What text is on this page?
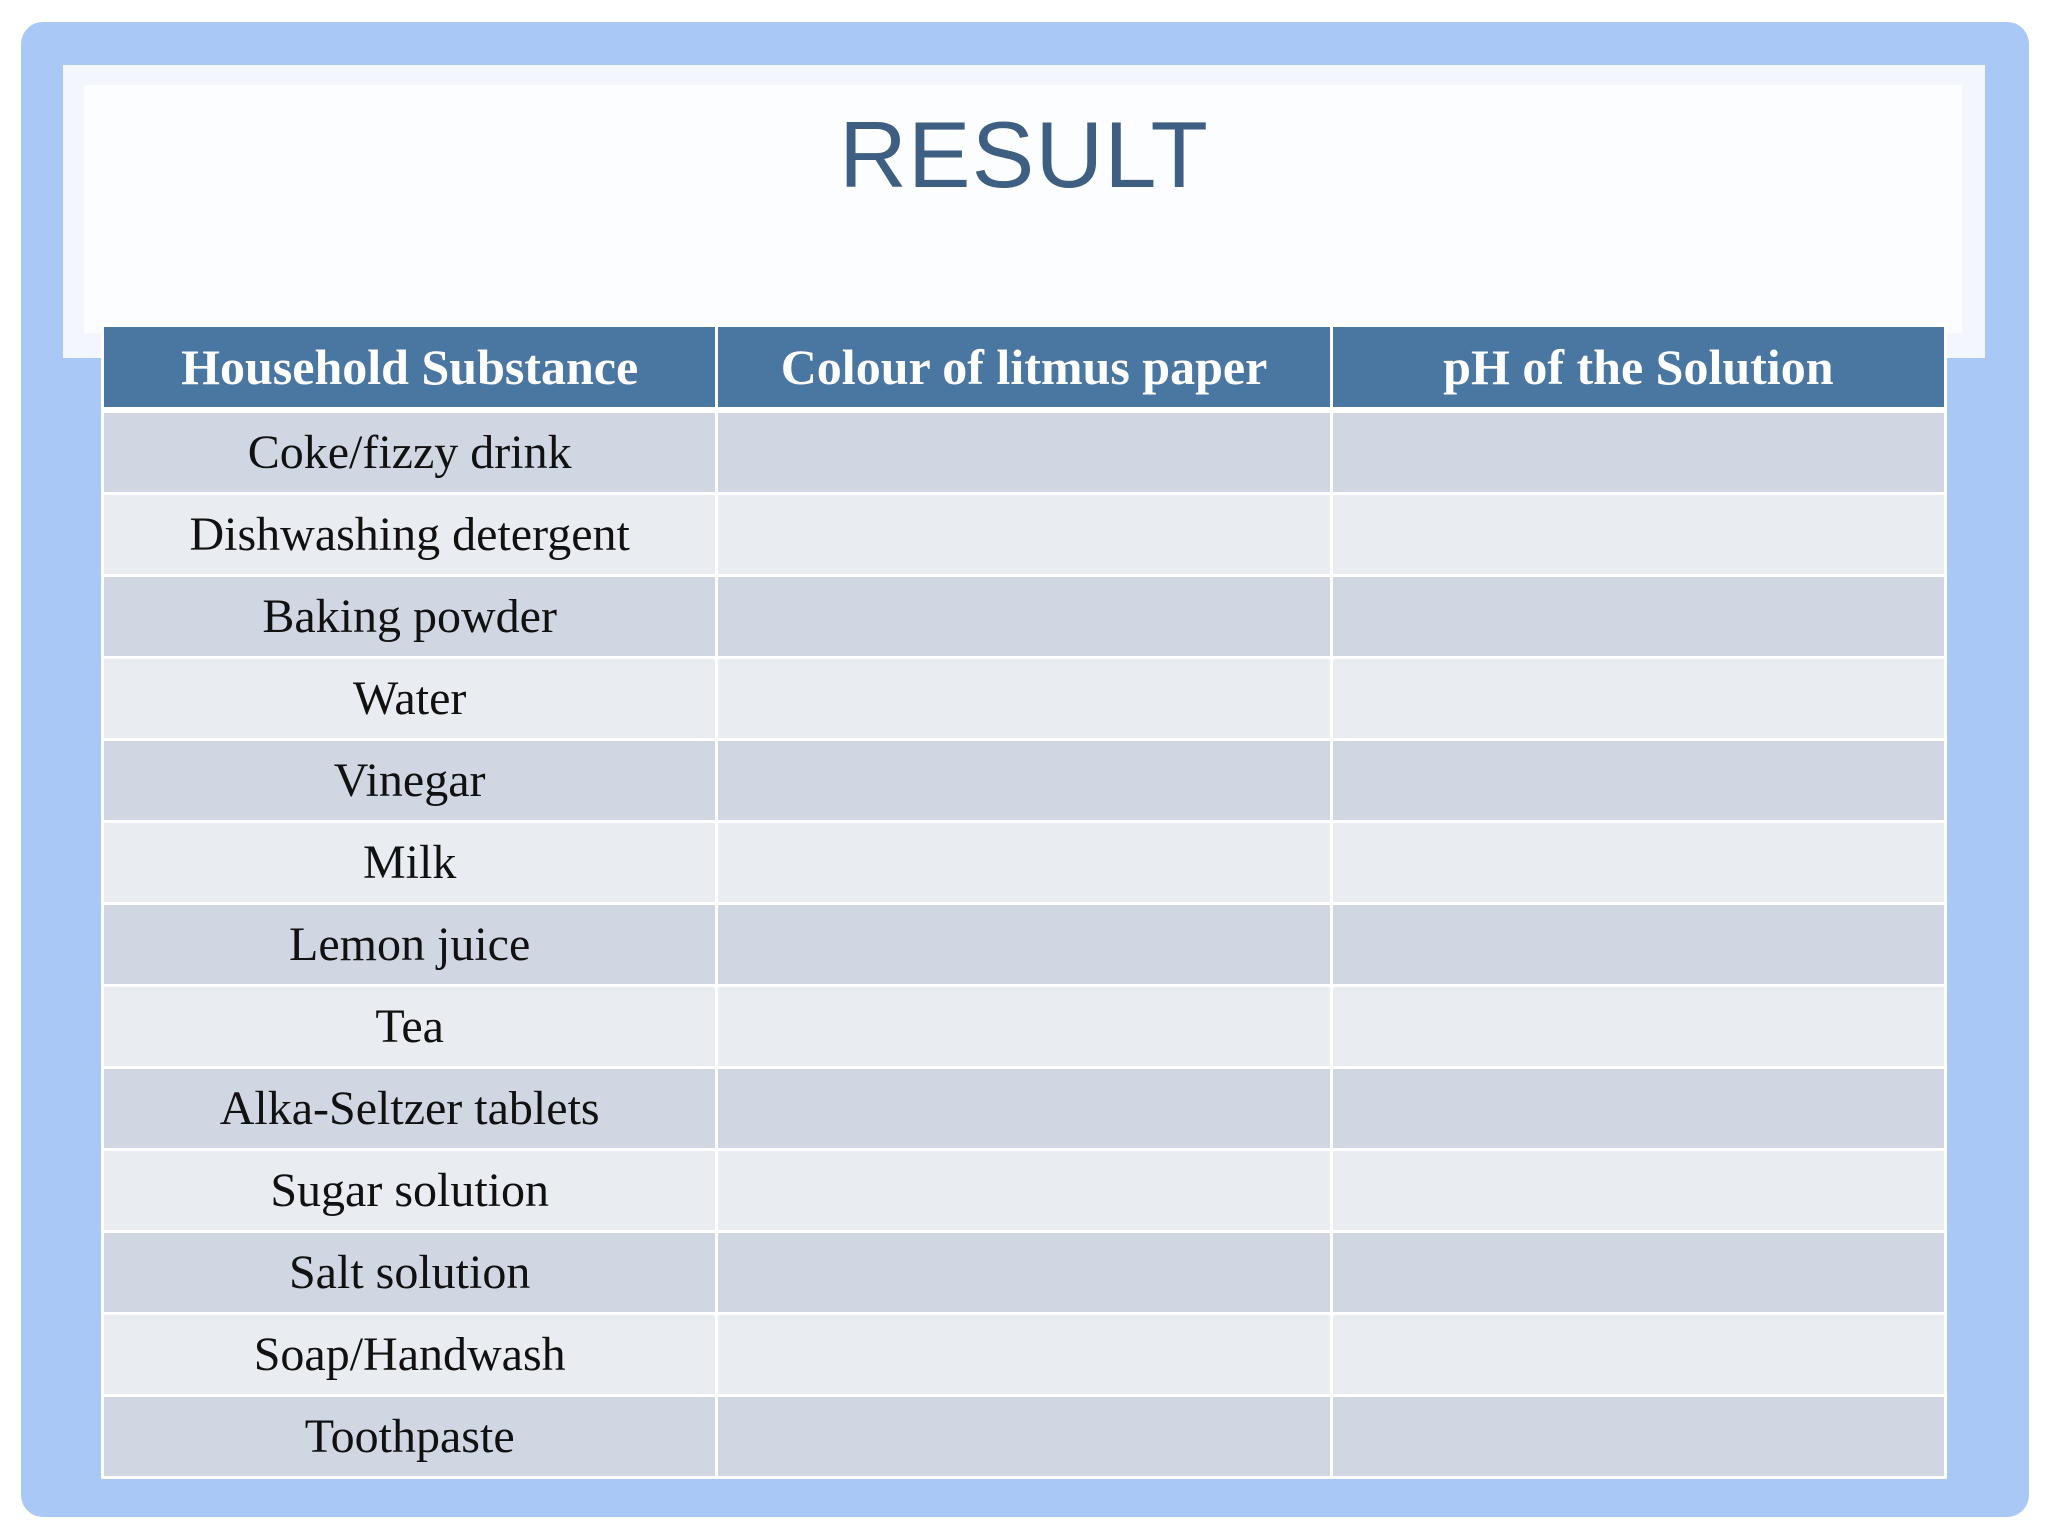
RESULT
Household Substance	Colour of litmus paper	pH of the Solution
Coke/fizzy drink		
Dishwashing detergent		
Baking powder		
Water		
Vinegar		
Milk		
Lemon juice		
Tea		
Alka-Seltzer tablets		
Sugar solution		
Salt solution		
Soap/Handwash		
Toothpaste		
